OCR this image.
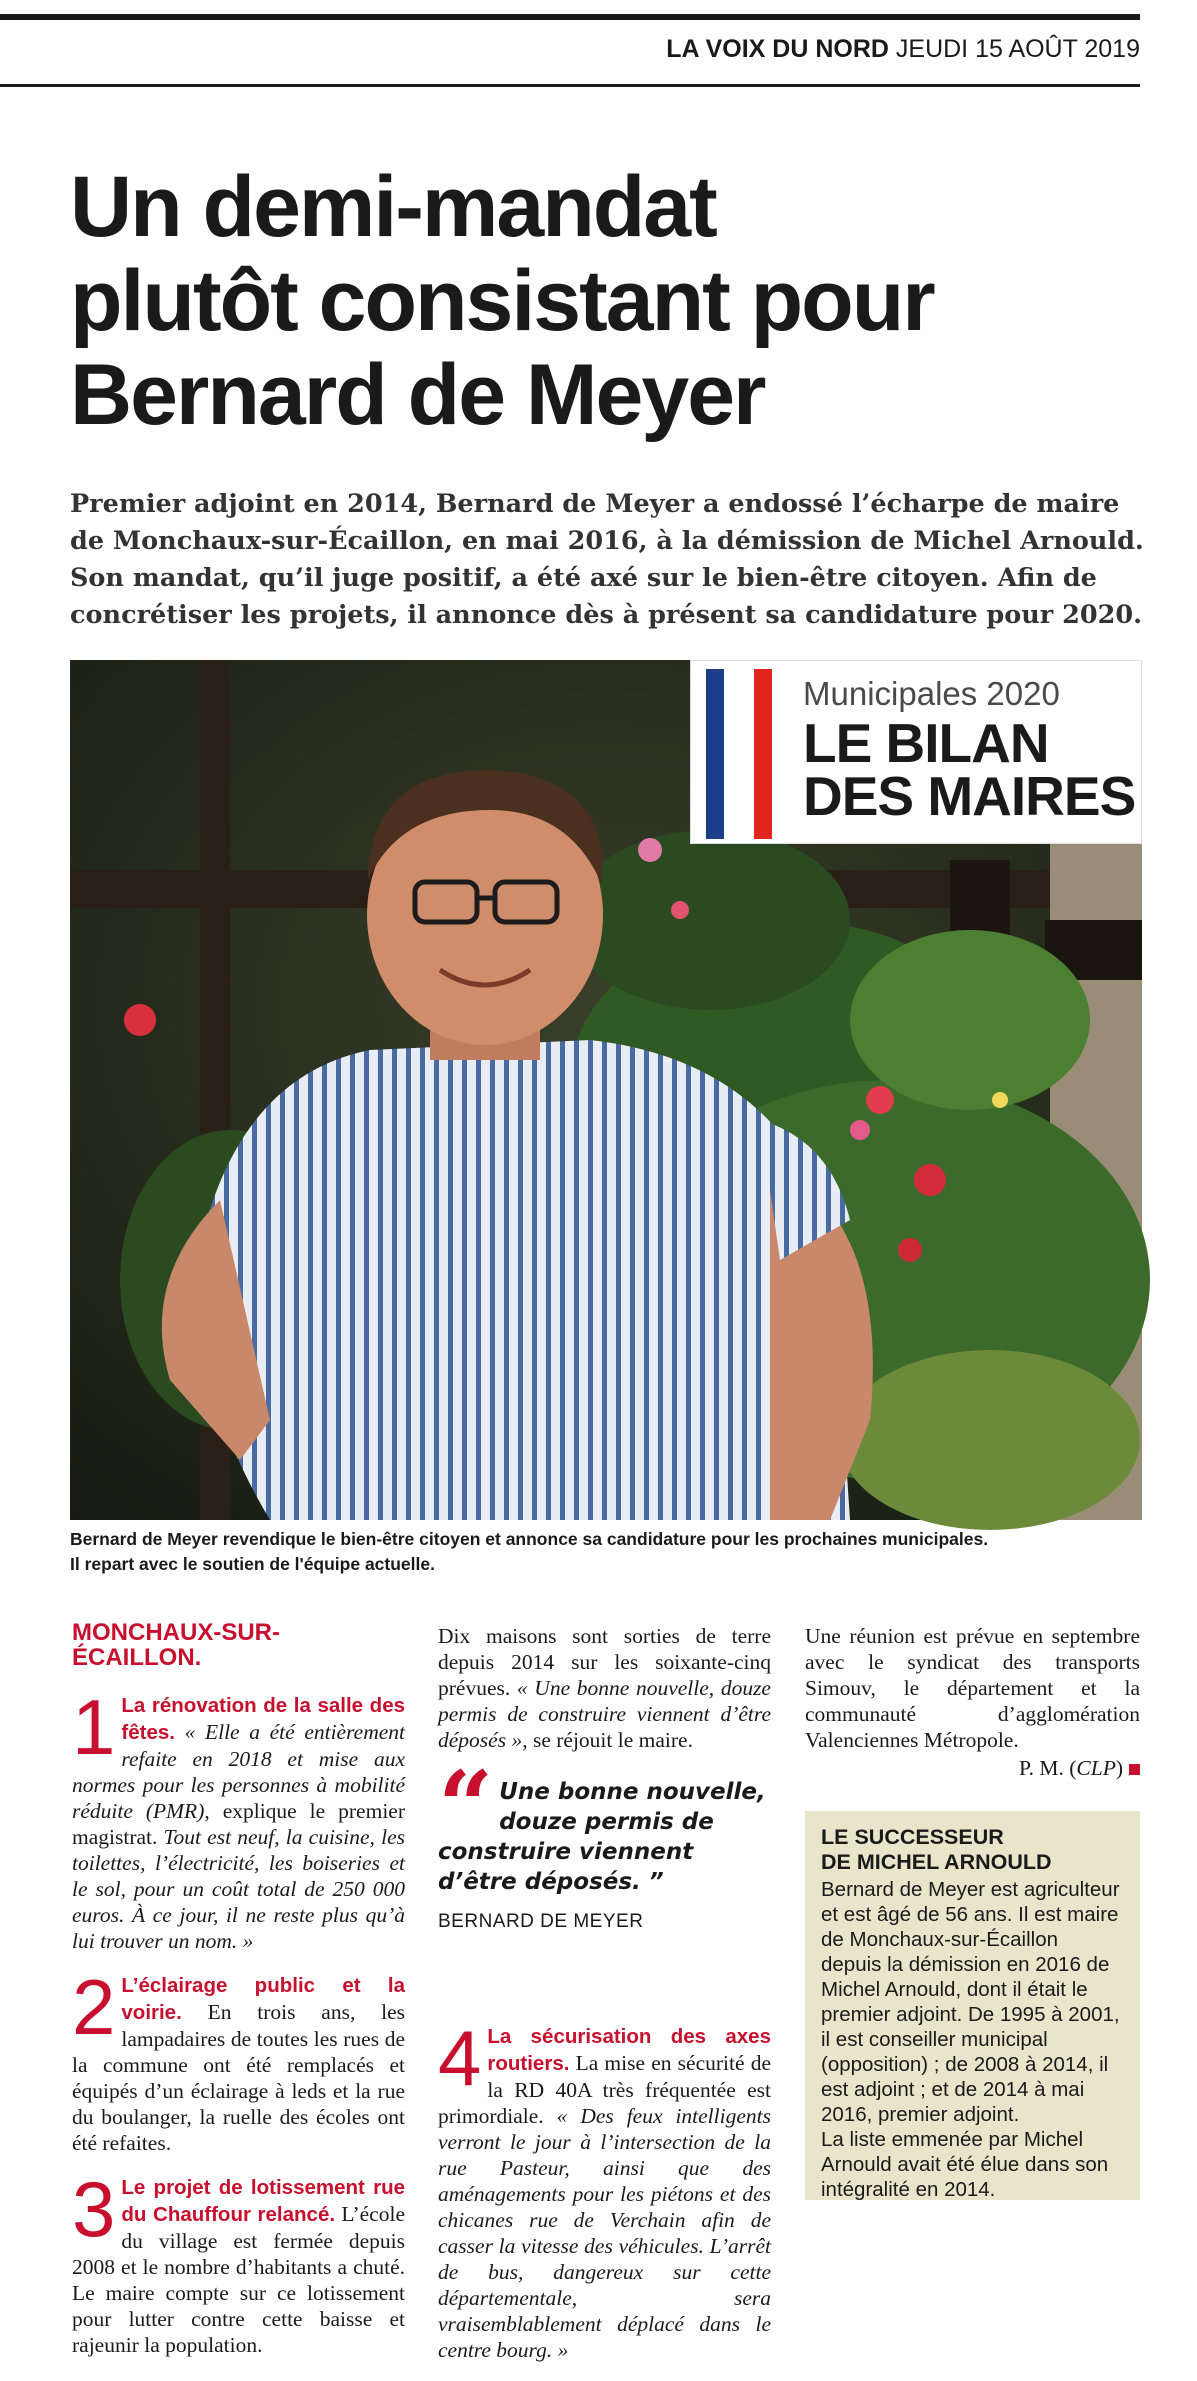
LA VOIX DU NORD JEUDI 15 AOÛT 2019
Un demi-mandat
plutôt consistant pour
Bernard de Meyer
Premier adjoint en 2014, Bernard de Meyer a endossé l’écharpe de maire
de Monchaux-sur-Écaillon, en mai 2016, à la démission de Michel Arnould.
Son mandat, qu’il juge positif, a été axé sur le bien-être citoyen. Afin de
concrétiser les projets, il annonce dès à présent sa candidature pour 2020.
Municipales 2020
LE BILAN
DES MAIRES
Bernard de Meyer revendique le bien-être citoyen et annonce sa candidature pour les prochaines municipales.
Il repart avec le soutien de l'équipe actuelle.
MONCHAUX-SUR-
ÉCAILLON.
1 La rénovation de la salle des fêtes. « Elle a été entièrement refaite en 2018 et mise aux normes pour les personnes à mobilité réduite (PMR), explique le premier magistrat. Tout est neuf, la cuisine, les toilettes, l’électricité, les boiseries et le sol, pour un coût total de 250 000 euros. À ce jour, il ne reste plus qu’à lui trouver un nom. »
2 L’éclairage public et la voirie. En trois ans, les lampadaires de toutes les rues de la commune ont été remplacés et équipés d’un éclairage à leds et la rue du boulanger, la ruelle des écoles ont été refaites.
3 Le projet de lotissement rue du Chauffour relancé. L’école du village est fermée depuis 2008 et le nombre d’habitants a chuté. Le maire compte sur ce lotissement pour lutter contre cette baisse et rajeunir la population.

Dix maisons sont sorties de terre depuis 2014 sur les soixante-cinq prévues. « Une bonne nouvelle, douze permis de construire viennent d’être déposés », se réjouit le maire.

“ Une bonne nouvelle, douze permis de construire viennent d’être déposés. ”
BERNARD DE MEYER
4 La sécurisation des axes routiers. La mise en sécurité de la RD 40A très fréquentée est primordiale. « Des feux intelligents verront le jour à l’intersection de la rue Pasteur, ainsi que des aménagements pour les piétons et des chicanes rue de Verchain afin de casser la vitesse des véhicules. L’arrêt de bus, dangereux sur cette départementale, sera vraisemblablement déplacé dans le centre bourg. »

Une réunion est prévue en septembre avec le syndicat des transports Simouv, le département et la communauté d’agglomération Valenciennes Métropole.

P. M. (CLP)
LE SUCCESSEUR
DE MICHEL ARNOULD

Bernard de Meyer est agriculteur et est âgé de 56 ans. Il est maire de Monchaux-sur-Écaillon depuis la démission en 2016 de Michel Arnould, dont il était le premier adjoint. De 1995 à 2001, il est conseiller municipal (opposition) ; de 2008 à 2014, il est adjoint ; et de 2014 à mai 2016, premier adjoint.

La liste emmenée par Michel Arnould avait été élue dans son intégralité en 2014.
